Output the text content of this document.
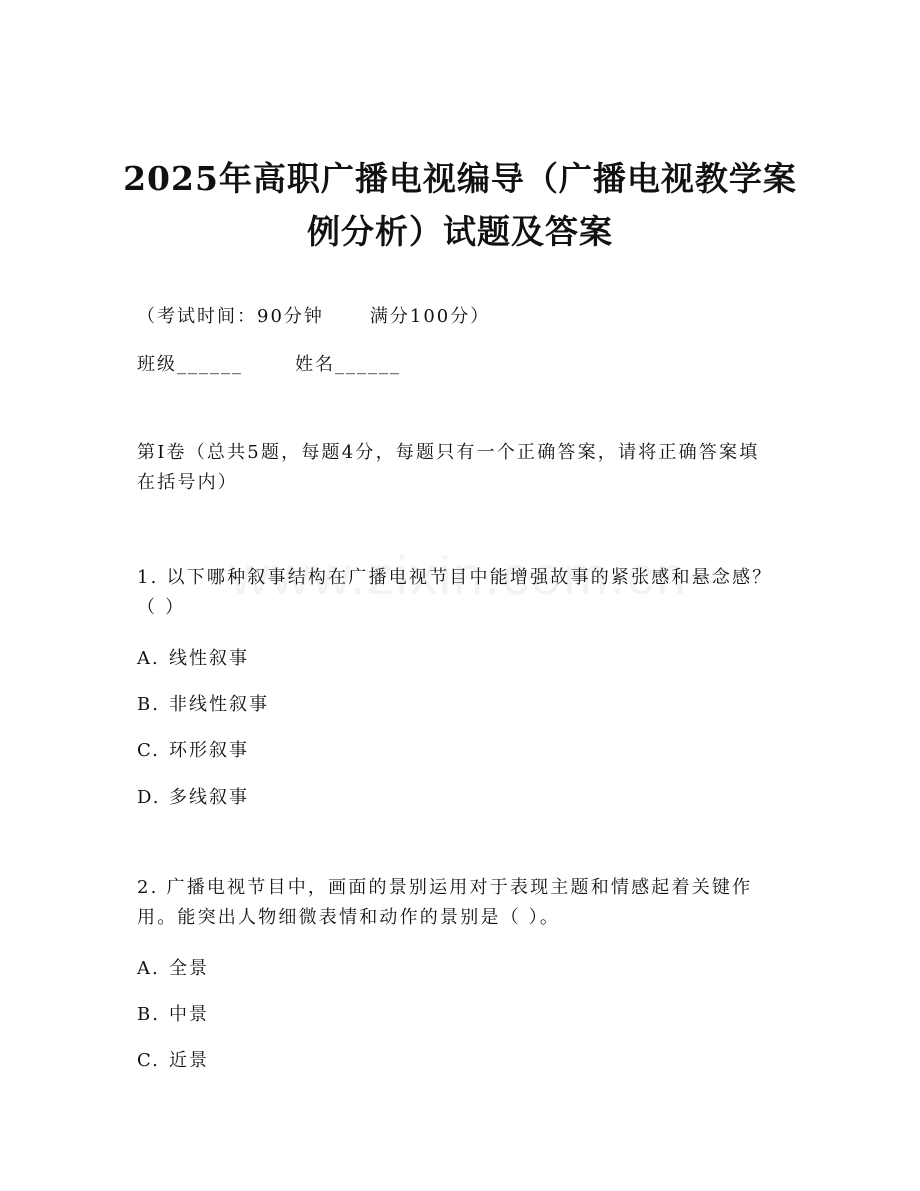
2025年高职广播电视编导（广播电视教学案
例分析）试题及答案
（考试时间：90分钟	满分100分）
班级______	姓名______
第Ⅰ卷（总共5题，每题4分，每题只有一个正确答案，请将正确答案填在括号内）
1. 以下哪种叙事结构在广播电视节目中能增强故事的紧张感和悬念感？（ ）
A. 线性叙事
B. 非线性叙事
C. 环形叙事
D. 多线叙事
2. 广播电视节目中，画面的景别运用对于表现主题和情感起着关键作用。能突出人物细微表情和动作的景别是（ ）。
A. 全景
B. 中景
C. 近景
